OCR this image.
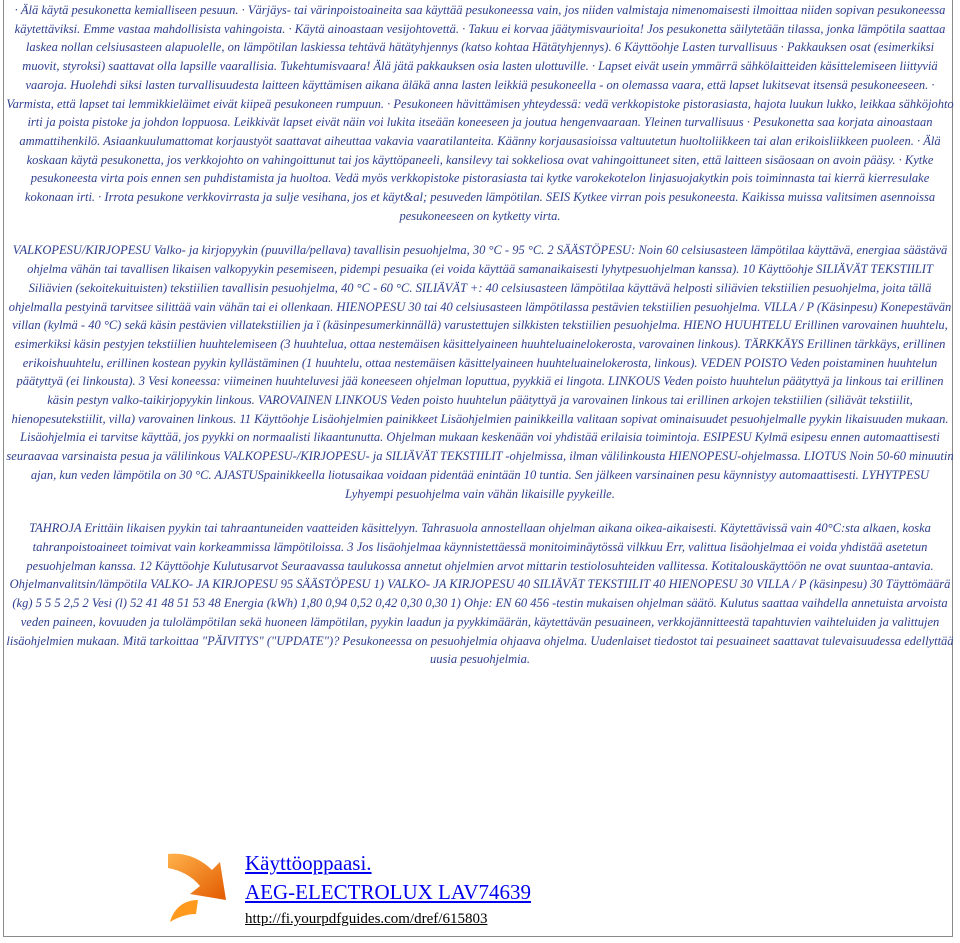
· Älä käytä pesukonetta kemialliseen pesuun. · Värjäys- tai värinpoistoaineita saa käyttää pesukoneessa vain, jos niiden valmistaja nimenomaisesti ilmoittaa niiden sopivan pesukoneessa käytettäviksi. Emme vastaa mahdollisista vahingoista. · Käytä ainoastaan vesijohtovettä. · Takuu ei korvaa jäätymisvaurioita! Jos pesukonetta säilytetään tilassa, jonka lämpötila saattaa laskea nollan celsiusasteen alapuolelle, on lämpötilan laskiessa tehtävä hätätyhjennys (katso kohtaa Hätätyhjennys). 6 Käyttöohje Lasten turvallisuus · Pakkauksen osat (esimerkiksi muovit, styroksi) saattavat olla lapsille vaarallisia. Tukehtumisvaara! Älä jätä pakkauksen osia lasten ulottuville. · Lapset eivät usein ymmärrä sähkölaitteiden käsittelemiseen liittyviä vaaroja. Huolehdi siksi lasten turvallisuudesta laitteen käyttämisen aikana äläkä anna lasten leikkiä pesukoneella - on olemassa vaara, että lapset lukitsevat itsensä pesukoneeseen. · Varmista, että lapset tai lemmikkieläimet eivät kiipeä pesukoneen rumpuun. · Pesukoneen hävittämisen yhteydessä: vedä verkkopistoke pistorasiasta, hajota luukun lukko, leikkaa sähköjohto irti ja poista pistoke ja johdon loppuosa. Leikkivät lapset eivät näin voi lukita itseään koneeseen ja joutua hengenvaaraan. Yleinen turvallisuus · Pesukonetta saa korjata ainoastaan ammattihenkilö. Asiaankuulumattomat korjaustyöt saattavat aiheuttaa vakavia vaaratilanteita. Käänny korjausasioissa valtuutetun huoltoliikkeen tai alan erikoisliikkeen puoleen. · Älä koskaan käytä pesukonetta, jos verkkojohto on vahingoittunut tai jos käyttöpaneeli, kansilevy tai sokkeliosa ovat vahingoittuneet siten, että laitteen sisäosaan on avoin pääsy. · Kytke pesukoneesta virta pois ennen sen puhdistamista ja huoltoa. Vedä myös verkkopistoke pistorasiasta tai kytke varokekotelon linjasuojakytkin pois toiminnasta tai kierrä kierresulake kokonaan irti. · Irrota pesukone verkkovirrasta ja sulje vesihana, jos et käyt&al; pesuveden lämpötilan. SEIS Kytkee virran pois pesukoneesta. Kaikissa muissa valitsimen asennoissa pesukoneeseen on kytketty virta.

VALKOPESU/KIRJOPESU Valko- ja kirjopyykin (puuvilla/pellava) tavallisin pesuohjelma, 30 °C - 95 °C. 2 SÄÄSTÖPESU: Noin 60 celsiusasteen lämpötilaa käyttävä, energiaa säästävä ohjelma vähän tai tavallisen likaisen valkopyykin pesemiseen, pidempi pesuaika (ei voida käyttää samanaikaisesti lyhytpesuohjelman kanssa). 10 Käyttöohje SILIÄVÄT TEKSTIILIT Siliävien (sekoitekuituisten) tekstiilien tavallisin pesuohjelma, 40 °C - 60 °C. SILIÄVÄT +: 40 celsiusasteen lämpötilaa käyttävä helposti siliävien tekstiilien pesuohjelma, joita tällä ohjelmalla pestyinä tarvitsee silittää vain vähän tai ei ollenkaan. HIENOPESU 30 tai 40 celsiusasteen lämpötilassa pestävien tekstiilien pesuohjelma. VILLA / P (Käsinpesu) Konepestävän villan (kylmä - 40 °C) sekä käsin pestävien villatekstiilien ja ï (käsinpesumerkinnällä) varustettujen silkkisten tekstiilien pesuohjelma. HIENO HUUHTELU Erillinen varovainen huuhtelu, esimerkiksi käsin pestyjen tekstiilien huuhtelemiseen (3 huuhtelua, ottaa nestemäisen käsittelyaineen huuhteluainelokerosta, varovainen linkous). TÄRKKÄYS Erillinen tärkkäys, erillinen erikoishuuhtelu, erillinen kostean pyykin kyllästäminen (1 huuhtelu, ottaa nestemäisen käsittelyaineen huuhteluainelokerosta, linkous). VEDEN POISTO Veden poistaminen huuhtelun päätyttyä (ei linkousta). 3 Vesi koneessa: viimeinen huuhteluvesi jää koneeseen ohjelman loputtua, pyykkiä ei lingota. LINKOUS Veden poisto huuhtelun päätyttyä ja linkous tai erillinen käsin pestyn valko-taikirjopyykin linkous. VAROVAINEN LINKOUS Veden poisto huuhtelun päätyttyä ja varovainen linkous tai erillinen arkojen tekstiilien (siliävät tekstiilit, hienopesutekstiilit, villa) varovainen linkous. 11 Käyttöohje Lisäohjelmien painikkeet Lisäohjelmien painikkeilla valitaan sopivat ominaisuudet pesuohjelmalle pyykin likaisuuden mukaan. Lisäohjelmia ei tarvitse käyttää, jos pyykki on normaalisti likaantunutta. Ohjelman mukaan keskenään voi yhdistää erilaisia toimintoja. ESIPESU Kylmä esipesu ennen automaattisesti seuraavaa varsinaista pesua ja välilinkous VALKOPESU-/KIRJOPESU- ja SILIÄVÄT TEKSTIILIT -ohjelmissa, ilman välilinkousta HIENOPESU-ohjelmassa. LIOTUS Noin 50-60 minuutin ajan, kun veden lämpötila on 30 °C. AJASTUSpainikkeella liotusaikaa voidaan pidentää enintään 10 tuntia. Sen jälkeen varsinainen pesu käynnistyy automaattisesti. LYHYTPESU Lyhyempi pesuohjelma vain vähän likaisille pyykeille.

TAHROJA Erittäin likaisen pyykin tai tahraantuneiden vaatteiden käsittelyyn. Tahrasuola annostellaan ohjelman aikana oikea-aikaisesti. Käytettävissä vain 40°C:sta alkaen, koska tahranpoistoaineet toimivat vain korkeammissa lämpötiloissa. 3 Jos lisäohjelmaa käynnistettäessä monitoiminäytössä vilkkuu Err, valittua lisäohjelmaa ei voida yhdistää asetetun pesuohjelman kanssa. 12 Käyttöohje Kulutusarvot Seuraavassa taulukossa annetut ohjelmien arvot mittarin testiolosuhteiden vallitessa. Kotitalouskäyttöön ne ovat suuntaa-antavia. Ohjelmanvalitsin/lämpötila VALKO- JA KIRJOPESU 95 SÄÄSTÖPESU 1) VALKO- JA KIRJOPESU 40 SILIÄVÄT TEKSTIILIT 40 HIENOPESU 30 VILLA / P (käsinpesu) 30 Täyttömäärä (kg) 5 5 5 2,5 2 Vesi (l) 52 41 48 51 53 48 Energia (kWh) 1,80 0,94 0,52 0,42 0,30 0,30 1) Ohje: EN 60 456 -testin mukaisen ohjelman säätö. Kulutus saattaa vaihdella annetuista arvoista veden paineen, kovuuden ja tulolämpötilan sekä huoneen lämpötilan, pyykin laadun ja pyykkimäärän, käytettävän pesuaineen, verkkojännitteestä tapahtuvien vaihteluiden ja valittujen lisäohjelmien mukaan. Mitä tarkoittaa "PÄIVITYS" ("UPDATE")? Pesukoneessa on pesuohjelmia ohjaava ohjelma. Uudenlaiset tiedostot tai pesuaineet saattavat tulevaisuudessa edellyttää uusia pesuohjelmia.

Käyttöoppaasi.
AEG-ELECTROLUX LAV74639
http://fi.yourpdfguides.com/dref/615803
